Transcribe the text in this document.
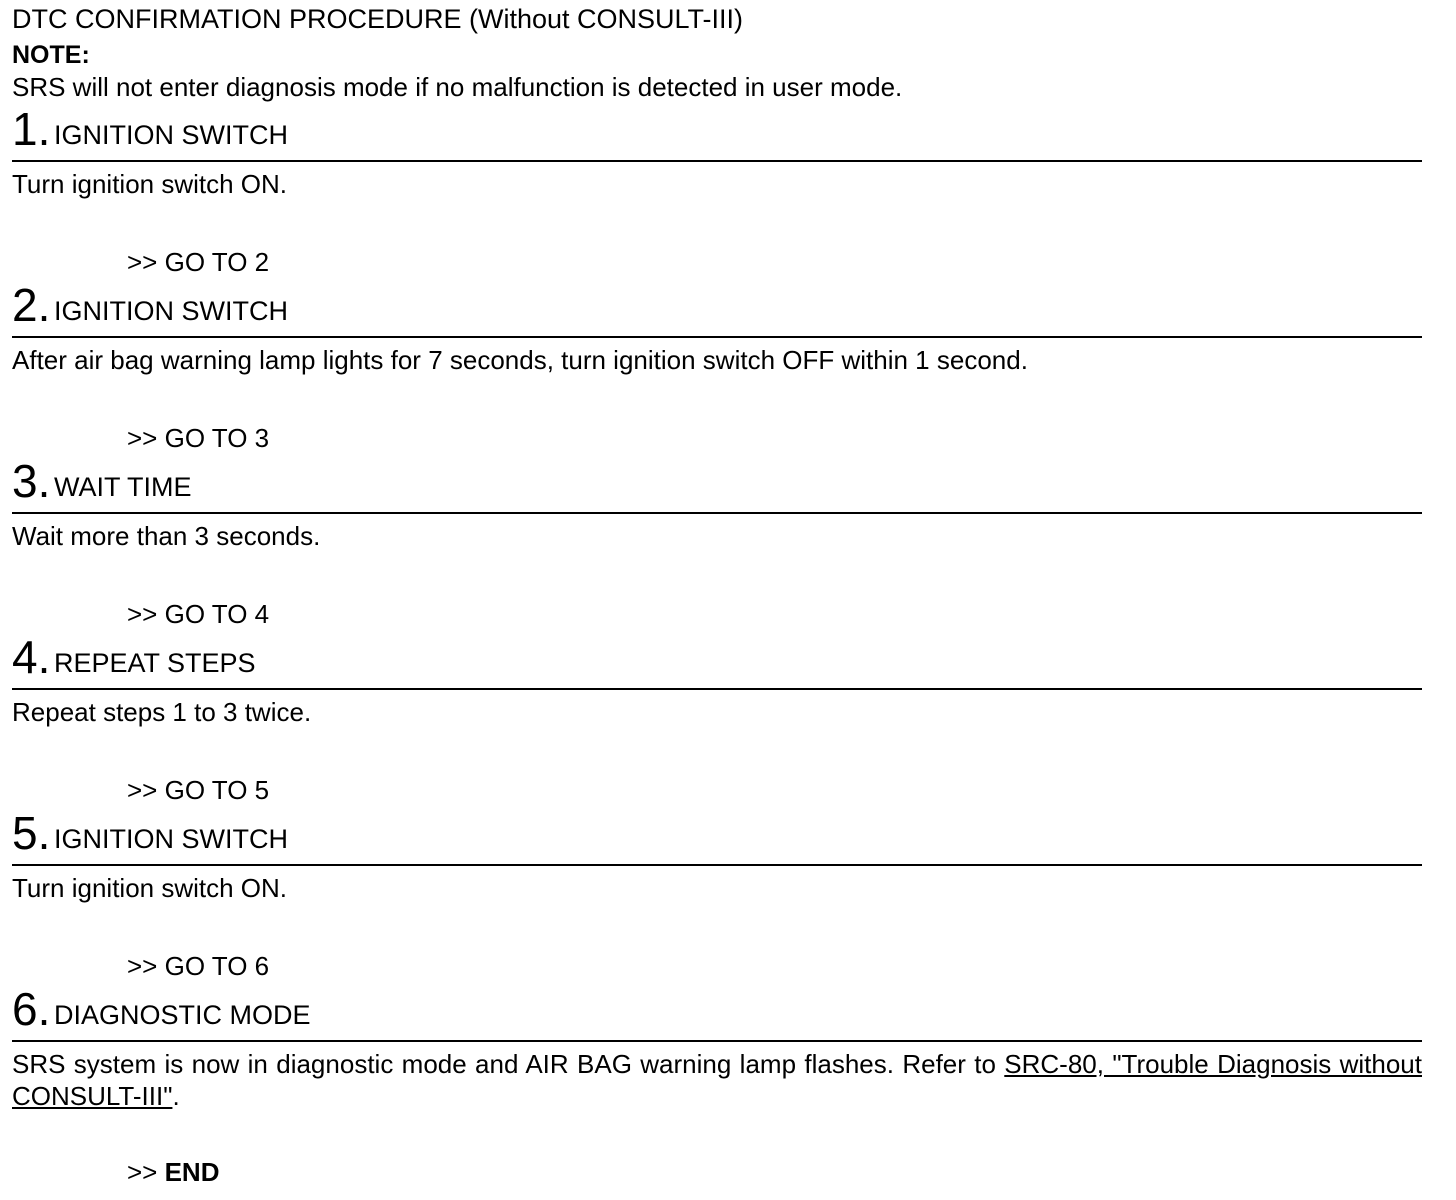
DTC CONFIRMATION PROCEDURE (Without CONSULT-III)
NOTE:
SRS will not enter diagnosis mode if no malfunction is detected in user mode.
1. IGNITION SWITCH
Turn ignition switch ON.
>> GO TO 2
2. IGNITION SWITCH
After air bag warning lamp lights for 7 seconds, turn ignition switch OFF within 1 second.
>> GO TO 3
3. WAIT TIME
Wait more than 3 seconds.
>> GO TO 4
4. REPEAT STEPS
Repeat steps 1 to 3 twice.
>> GO TO 5
5. IGNITION SWITCH
Turn ignition switch ON.
>> GO TO 6
6. DIAGNOSTIC MODE
SRS system is now in diagnostic mode and AIR BAG warning lamp flashes. Refer to SRC-80, "Trouble Diagnosis without CONSULT-III".
>> END
